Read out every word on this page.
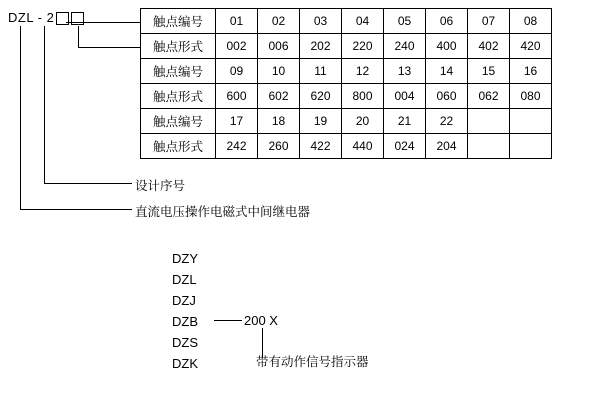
DZL - 2
设计序号
直流电压操作电磁式中间继电器
触点编号	01	02	03	04	05	06	07	08
触点形式	002	006	202	220	240	400	402	420
触点编号	09	10	11	12	13	14	15	16
触点形式	600	602	620	800	004	060	062	080
触点编号	17	18	19	20	21	22		
触点形式	242	260	422	440	024	204		
DZY
DZL
DZJ
DZB
DZS
DZK
200 X
带有动作信号指示器
